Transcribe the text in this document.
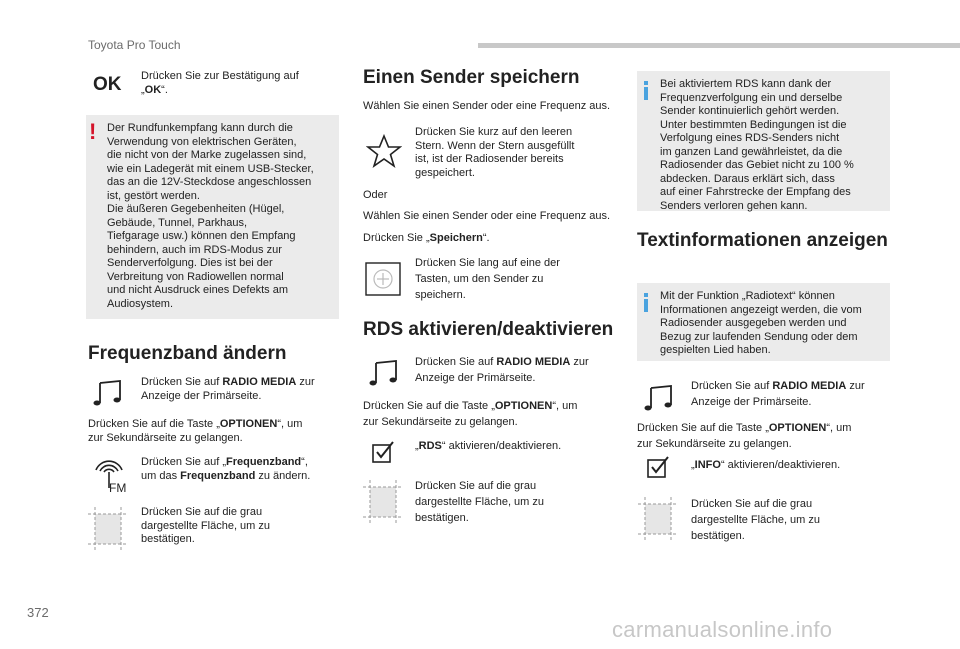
Toyota Pro Touch
OK Drücken Sie zur Bestätigung auf
„OK“.
! Der Rundfunkempfang kann durch die
Verwendung von elektrischen Geräten,
die nicht von der Marke zugelassen sind,
wie ein Ladegerät mit einem USB-Stecker,
das an die 12V-Steckdose angeschlossen
ist, gestört werden.
Die äußeren Gegebenheiten (Hügel,
Gebäude, Tunnel, Parkhaus,
Tiefgarage usw.) können den Empfang
behindern, auch im RDS-Modus zur
Senderverfolgung. Dies ist bei der
Verbreitung von Radiowellen normal
und nicht Ausdruck eines Defekts am
Audiosystem.
Frequenzband ändern
Drücken Sie auf RADIO MEDIA zur
Anzeige der Primärseite.
Drücken Sie auf die Taste „OPTIONEN“, um
zur Sekundärseite zu gelangen.
FM
Drücken Sie auf „Frequenzband“,
um das Frequenzband zu ändern.
Drücken Sie auf die grau
dargestellte Fläche, um zu
bestätigen.
Einen Sender speichern
Wählen Sie einen Sender oder eine Frequenz aus.
Drücken Sie kurz auf den leeren
Stern. Wenn der Stern ausgefüllt
ist, ist der Radiosender bereits
gespeichert.
Oder
Wählen Sie einen Sender oder eine Frequenz aus.
Drücken Sie „Speichern“.
Drücken Sie lang auf eine der
Tasten, um den Sender zu
speichern.
RDS aktivieren/deaktivieren
Drücken Sie auf RADIO MEDIA zur
Anzeige der Primärseite.
Drücken Sie auf die Taste „OPTIONEN“, um
zur Sekundärseite zu gelangen.
„RDS“ aktivieren/deaktivieren.
Drücken Sie auf die grau
dargestellte Fläche, um zu
bestätigen.
Bei aktiviertem RDS kann dank der
Frequenzverfolgung ein und derselbe
Sender kontinuierlich gehört werden.
Unter bestimmten Bedingungen ist die
Verfolgung eines RDS-Senders nicht
im ganzen Land gewährleistet, da die
Radiosender das Gebiet nicht zu 100 %
abdecken. Daraus erklärt sich, dass
auf einer Fahrstrecke der Empfang des
Senders verloren gehen kann.
Textinformationen anzeigen
Mit der Funktion „Radiotext“ können
Informationen angezeigt werden, die vom
Radiosender ausgegeben werden und
Bezug zur laufenden Sendung oder dem
gespielten Lied haben.
Drücken Sie auf RADIO MEDIA zur
Anzeige der Primärseite.
Drücken Sie auf die Taste „OPTIONEN“, um
zur Sekundärseite zu gelangen.
„INFO“ aktivieren/deaktivieren.
Drücken Sie auf die grau
dargestellte Fläche, um zu
bestätigen.
372
carmanualsonline.info
